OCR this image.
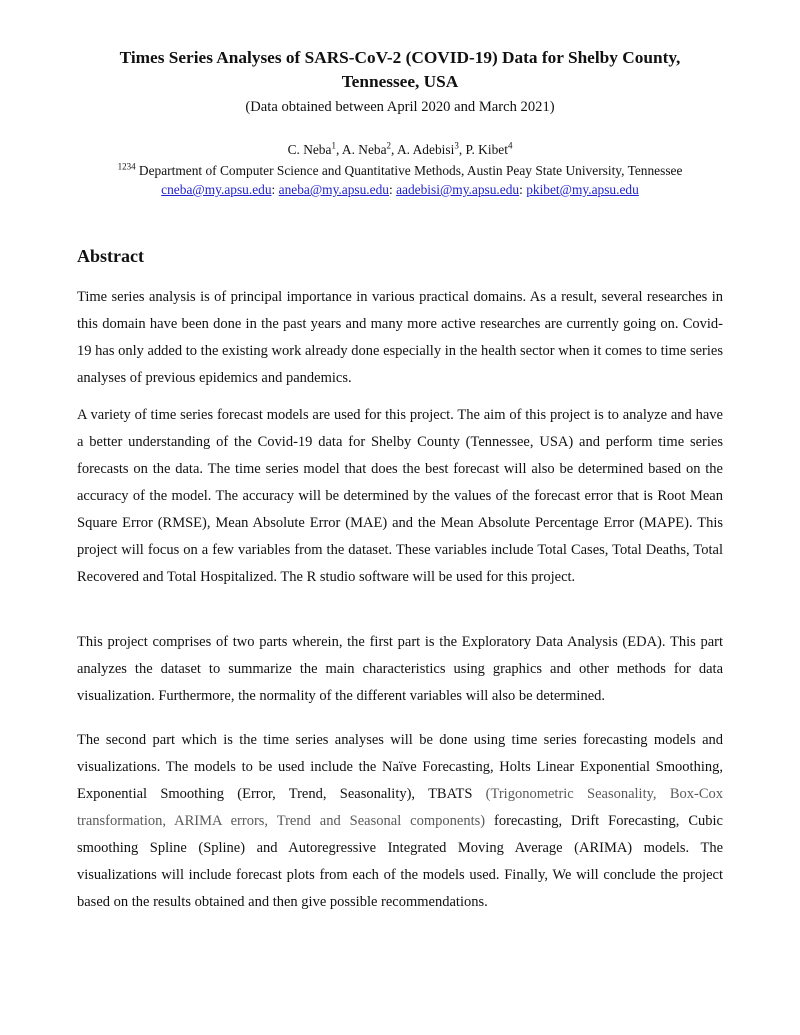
Times Series Analyses of SARS-CoV-2 (COVID-19) Data for Shelby County,
Tennessee, USA

(Data obtained between April 2020 and March 2021)

C. Neba$^1$, A. Neba$^2$, A. Adebisi$^3$, P. Kibet$^4$
$^{1234}$ Department of Computer Science and Quantitative Methods, Austin Peay State University, Tennessee
cneba@my.apsu.edu: aneba@my.apsu.edu: aadebisi@my.apsu.edu: pkibet@my.apsu.edu
Abstract

Time series analysis is of principal importance in various practical domains. As a result, several researches in this domain have been done in the past years and many more active researches are currently going on. Covid-19 has only added to the existing work already done especially in the health sector when it comes to time series analyses of previous epidemics and pandemics.

A variety of time series forecast models are used for this project. The aim of this project is to analyze and have a better understanding of the Covid-19 data for Shelby County (Tennessee, USA) and perform time series forecasts on the data. The time series model that does the best forecast will also be determined based on the accuracy of the model. The accuracy will be determined by the values of the forecast error that is Root Mean Square Error (RMSE), Mean Absolute Error (MAE) and the Mean Absolute Percentage Error (MAPE). This project will focus on a few variables from the dataset. These variables include Total Cases, Total Deaths, Total Recovered and Total Hospitalized. The R studio software will be used for this project.

This project comprises of two parts wherein, the first part is the Exploratory Data Analysis (EDA). This part analyzes the dataset to summarize the main characteristics using graphics and other methods for data visualization. Furthermore, the normality of the different variables will also be determined.

The second part which is the time series analyses will be done using time series forecasting models and visualizations. The models to be used include the Naïve Forecasting, Holts Linear Exponential Smoothing, Exponential Smoothing (Error, Trend, Seasonality), TBATS (Trigonometric Seasonality, Box-Cox transformation, ARIMA errors, Trend and Seasonal components) forecasting, Drift Forecasting, Cubic smoothing Spline (Spline) and Autoregressive Integrated Moving Average (ARIMA) models. The visualizations will include forecast plots from each of the models used. Finally, We will conclude the project based on the results obtained and then give possible recommendations.
